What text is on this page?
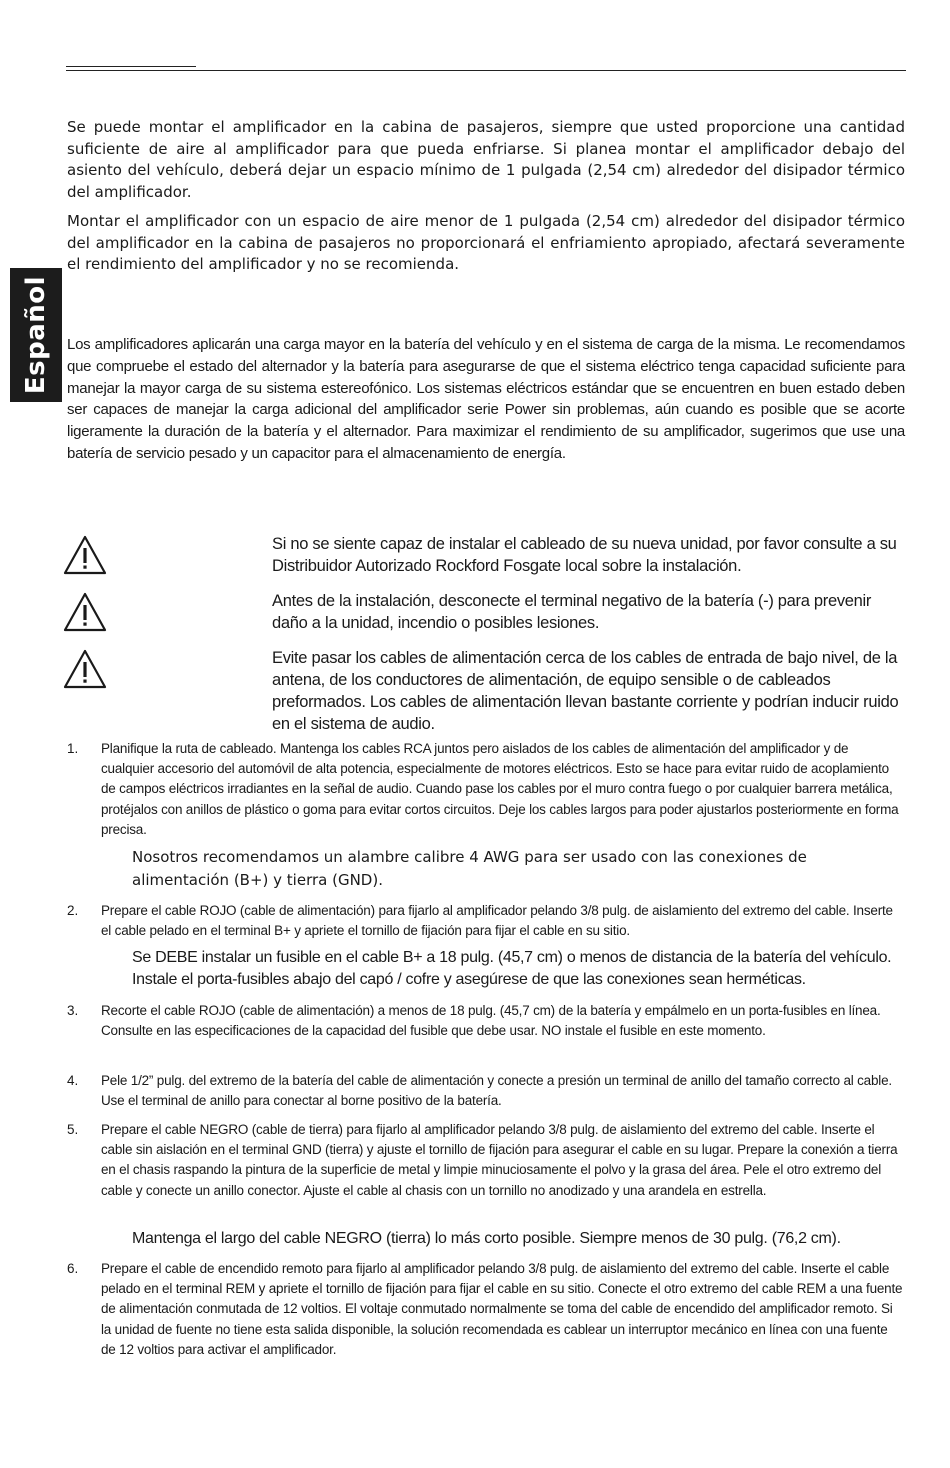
Español

Se puede montar el amplificador en la cabina de pasajeros, siempre que usted proporcione una cantidad suficiente de aire al amplificador para que pueda enfriarse. Si planea montar el amplificador debajo del asiento del vehículo, deberá dejar un espacio mínimo de 1 pulgada (2,54 cm) alrededor del disipador térmico del amplificador.

Montar el amplificador con un espacio de aire menor de 1 pulgada (2,54 cm) alrededor del disipador térmico del amplificador en la cabina de pasajeros no proporcionará el enfriamiento apropiado, afectará severamente el rendimiento del amplificador y no se recomienda.

Los amplificadores aplicarán una carga mayor en la batería del vehículo y en el sistema de carga de la misma. Le recomendamos que compruebe el estado del alternador y la batería para asegurarse de que el sistema eléctrico tenga capacidad suficiente para manejar la mayor carga de su sistema estereofónico. Los sistemas eléctricos estándar que se encuentren en buen estado deben ser capaces de manejar la carga adicional del amplificador serie Power sin problemas, aún cuando es posible que se acorte ligeramente la duración de la batería y el alternador. Para maximizar el rendimiento de su amplificador, sugerimos que use una batería de servicio pesado y un capacitor para el almacenamiento de energía.

Si no se siente capaz de instalar el cableado de su nueva unidad, por favor consulte a su Distribuidor Autorizado Rockford Fosgate local sobre la instalación.

Antes de la instalación, desconecte el terminal negativo de la batería (-) para prevenir daño a la unidad, incendio o posibles lesiones.

Evite pasar los cables de alimentación cerca de los cables de entrada de bajo nivel, de la antena, de los conductores de alimentación, de equipo sensible o de cableados preformados. Los cables de alimentación llevan bastante corriente y podrían inducir ruido en el sistema de audio.

1. Planifique la ruta de cableado. Mantenga los cables RCA juntos pero aislados de los cables de alimentación del amplificador y de cualquier accesorio del automóvil de alta potencia, especialmente de motores eléctricos. Esto se hace para evitar ruido de acoplamiento de campos eléctricos irradiantes en la señal de audio. Cuando pase los cables por el muro contra fuego o por cualquier barrera metálica, protéjalos con anillos de plástico o goma para evitar cortos circuitos. Deje los cables largos para poder ajustarlos posteriormente en forma precisa.

Nosotros recomendamos un alambre calibre 4 AWG para ser usado con las conexiones de alimentación (B+) y tierra (GND).

2. Prepare el cable ROJO (cable de alimentación) para fijarlo al amplificador pelando 3/8 pulg. de aislamiento del extremo del cable. Inserte el cable pelado en el terminal B+ y apriete el tornillo de fijación para fijar el cable en su sitio.

Se DEBE instalar un fusible en el cable B+ a 18 pulg. (45,7 cm) o menos de distancia de la batería del vehículo. Instale el porta-fusibles abajo del capó / cofre y asegúrese de que las conexiones sean herméticas.

3. Recorte el cable ROJO (cable de alimentación) a menos de 18 pulg. (45,7 cm) de la batería y empálmelo en un porta-fusibles en línea. Consulte en las especificaciones de la capacidad del fusible que debe usar. NO instale el fusible en este momento.

4. Pele 1/2” pulg. del extremo de la batería del cable de alimentación y conecte a presión un terminal de anillo del tamaño correcto al cable. Use el terminal de anillo para conectar al borne positivo de la batería.

5. Prepare el cable NEGRO (cable de tierra) para fijarlo al amplificador pelando 3/8 pulg. de aislamiento del extremo del cable. Inserte el cable sin aislación en el terminal GND (tierra) y ajuste el tornillo de fijación para asegurar el cable en su lugar. Prepare la conexión a tierra en el chasis raspando la pintura de la superficie de metal y limpie minuciosamente el polvo y la grasa del área. Pele el otro extremo del cable y conecte un anillo conector. Ajuste el cable al chasis con un tornillo no anodizado y una arandela en estrella.

Mantenga el largo del cable NEGRO (tierra) lo más corto posible. Siempre menos de 30 pulg. (76,2 cm).

6. Prepare el cable de encendido remoto para fijarlo al amplificador pelando 3/8 pulg. de aislamiento del extremo del cable. Inserte el cable pelado en el terminal REM y apriete el tornillo de fijación para fijar el cable en su sitio. Conecte el otro extremo del cable REM a una fuente de alimentación conmutada de 12 voltios. El voltaje conmutado normalmente se toma del cable de encendido del amplificador remoto. Si la unidad de fuente no tiene esta salida disponible, la solución recomendada es cablear un interruptor mecánico en línea con una fuente de 12 voltios para activar el amplificador.
